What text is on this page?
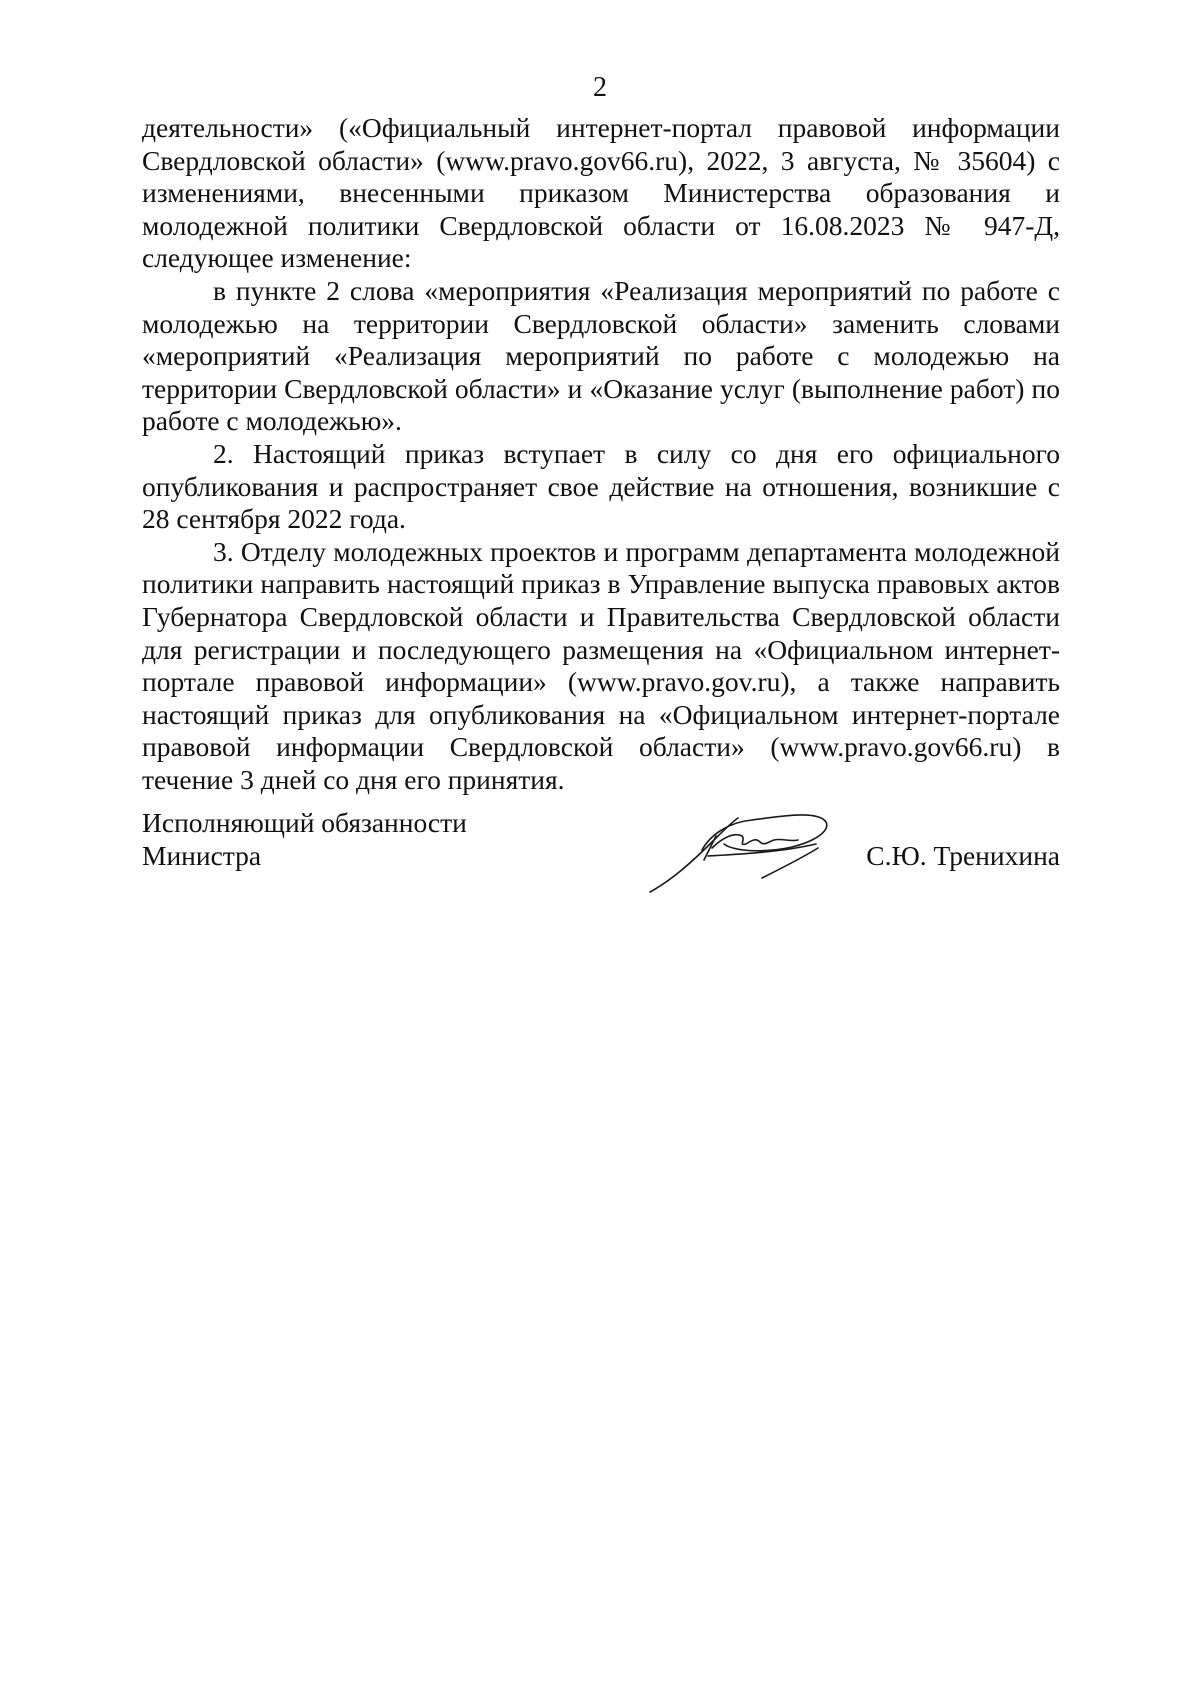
2

деятельности» («Официальный интернет-портал правовой информации Свердловской области» (www.pravo.gov66.ru), 2022, 3 августа, № 35604) с изменениями, внесенными приказом Министерства образования и молодежной политики Свердловской области от 16.08.2023 № 947-Д, следующее изменение:

в пункте 2 слова «мероприятия «Реализация мероприятий по работе с молодежью на территории Свердловской области» заменить словами «мероприятий «Реализация мероприятий по работе с молодежью на территории Свердловской области» и «Оказание услуг (выполнение работ) по работе с молодежью».

2. Настоящий приказ вступает в силу со дня его официального опубликования и распространяет свое действие на отношения, возникшие с 28 сентября 2022 года.

3. Отделу молодежных проектов и программ департамента молодежной политики направить настоящий приказ в Управление выпуска правовых актов Губернатора Свердловской области и Правительства Свердловской области для регистрации и последующего размещения на «Официальном интернет-портале правовой информации» (www.pravo.gov.ru), а также направить настоящий приказ для опубликования на «Официальном интернет-портале правовой информации Свердловской области» (www.pravo.gov66.ru) в течение 3 дней со дня его принятия.

Исполняющий обязанности
Министра	С.Ю. Тренихина
